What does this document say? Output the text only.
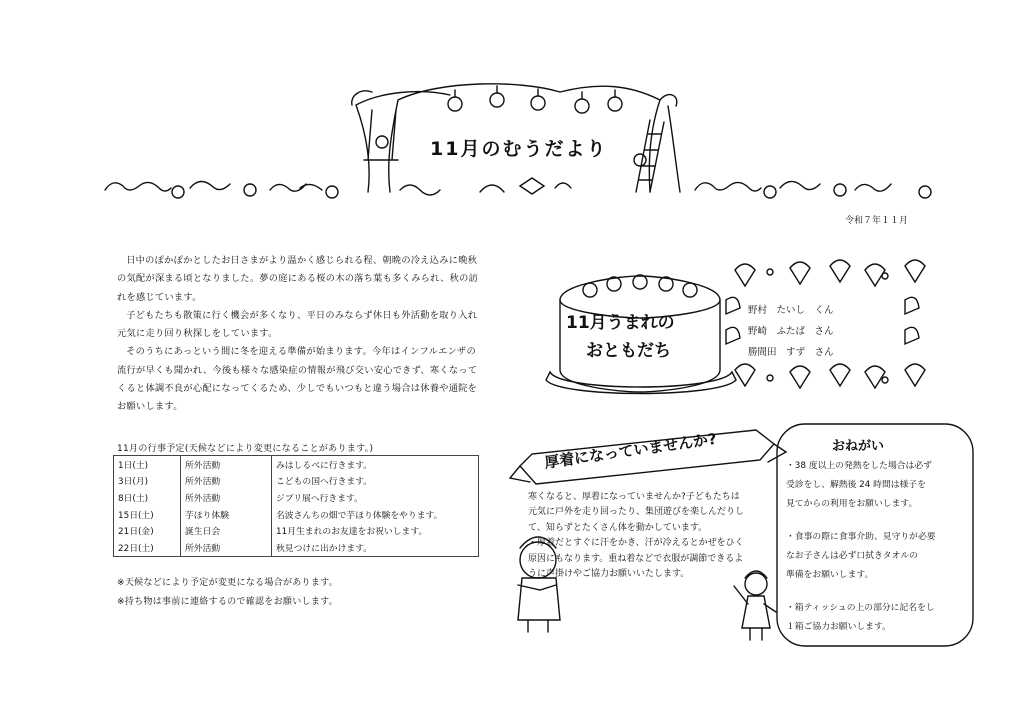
11月のむうだより
令和７年１１月

日中のぽかぽかとしたお日さまがより温かく感じられる程、朝晩の冷え込みに晩秋の気配が深まる頃となりました。夢の庭にある桜の木の落ち葉も多くみられ、秋の訪れを感じています。

子どもたちも散策に行く機会が多くなり、平日のみならず休日も外活動を取り入れ元気に走り回り秋探しをしています。

そのうちにあっという間に冬を迎える準備が始まります。今年はインフルエンザの流行が早くも聞かれ、今後も様々な感染症の情報が飛び交い安心できず、寒くなってくると体調不良が心配になってくるため、少しでもいつもと違う場合は休養や通院をお願いします。

11月の行事予定(天候などにより変更になることがあります。)
1日(土)	所外活動	みはしるべに行きます。
3日(月)	所外活動	こどもの国へ行きます。
8日(土)	所外活動	ジブリ展へ行きます。
15日(土)	芋ほり体験	名波さんちの畑で芋ほり体験をやります。
21日(金)	誕生日会	11月生まれのお友達をお祝いします。
22日(土)	所外活動	秋見つけに出かけます。
※天候などにより予定が変更になる場合があります。
※持ち物は事前に連絡するので確認をお願いします。
11月うまれの
おともだち
野村　たいし　くん
野崎　ふたば　さん
勝間田　すず　さん
厚着になっていませんか?

寒くなると、厚着になっていませんか?子どもたちは元気に戸外を走り回ったり、集団遊びを楽しんだりして、知らずとたくさん体を動かしています。

・厚着だとすぐに汗をかき、汗が冷えるとかぜをひく原因にもなります。重ね着などで衣服が調節できるように声掛けやご協力お願いいたします。

おねがい
・38 度以上の発熱をした場合は必ず
受診をし、解熱後 24 時間は様子を
見てからの利用をお願いします。
・食事の際に食事介助、見守りが必要
なお子さんは必ず口拭きタオルの
準備をお願いします。
・箱ティッシュの上の部分に記名をし
１箱ご協力お願いします。
